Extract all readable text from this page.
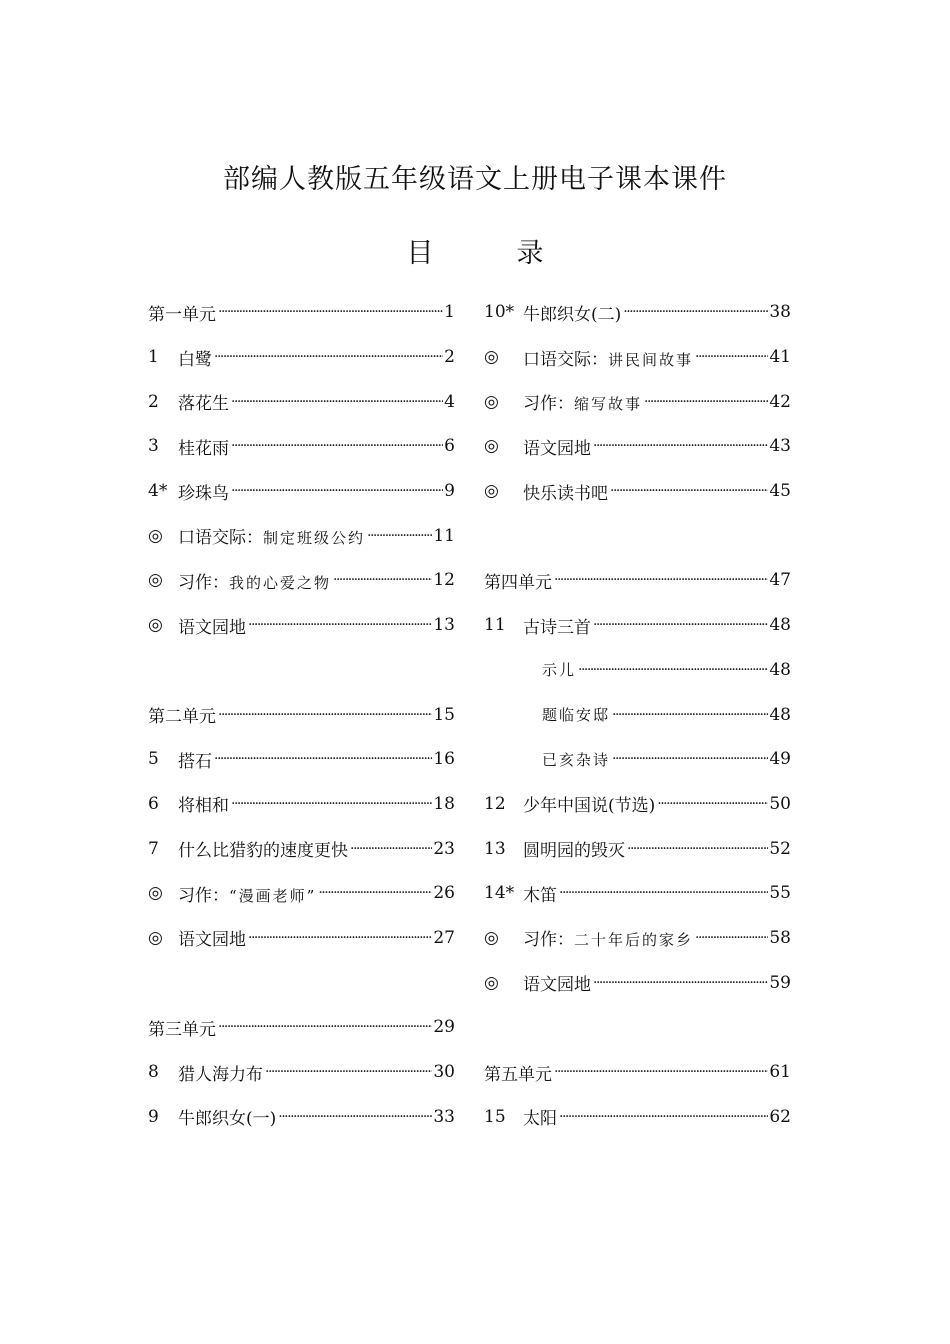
部编人教版五年级语文上册电子课本课件
目　录
第一单元 ·····	1
1	白鹭 ·····	2
2	落花生 ·····	4
3	桂花雨 ·····	6
4* 珍珠鸟 ·····	9
◎ 口语交际：制定班级公约 ·····	11
◎ 习作：我的心爱之物 ·····	12
◎ 语文园地 ·····	13
第二单元 ·····	15
5	搭石 ·····	16
6	将相和 ·····	18
7	什么比猎豹的速度更快 ·····	23
◎ 习作：“漫画老师” ·····	26
◎ 语文园地 ·····	27
第三单元 ·····	29
8	猎人海力布 ·····	30
9	牛郎织女(一) ·····	33
10* 牛郎织女(二) ·····	38
◎	口语交际：讲民间故事 ·····	41
◎	习作：缩写故事 ·····	42
◎	语文园地 ·····	43
◎	快乐读书吧 ·····	45
第四单元 ·····	47
11	古诗三首 ·····	48
示儿 ·····	48
题临安邸 ·····	48
已亥杂诗 ·····	49
12	少年中国说(节选) ·····	50
13	圆明园的毁灭 ·····	52
14* 木笛 ·····	55
◎	习作：二十年后的家乡 ·····	58
◎	语文园地 ·····	59
第五单元 ·····	61
15	太阳 ·····	62
